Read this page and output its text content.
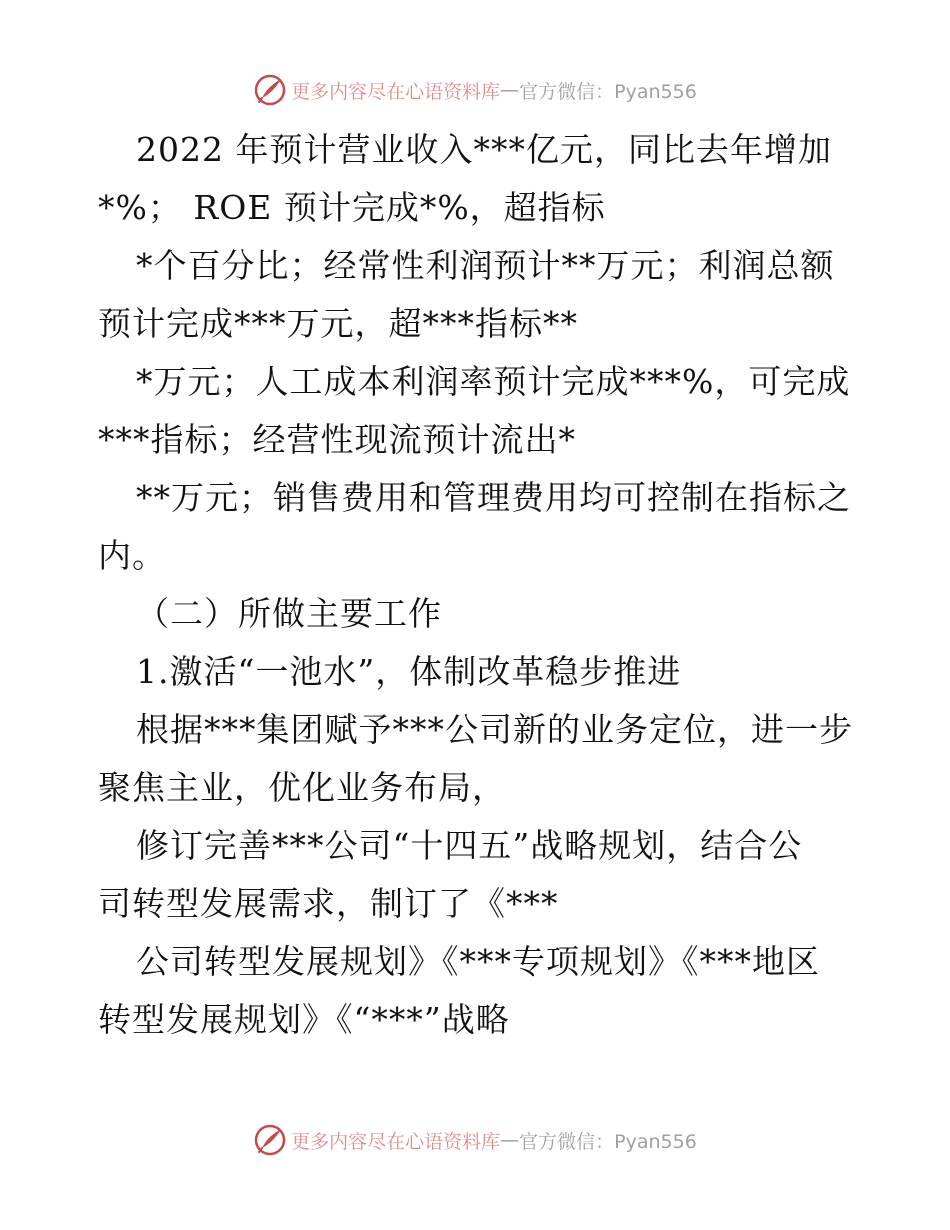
更多内容尽在心语资料库 — 官方微信：Pyan556
2022 年预计营业收入***亿元，同比去年增加
*%； ROE 预计完成*%，超指标
*个百分比；经常性利润预计**万元；利润总额
预计完成***万元，超***指标**
*万元；人工成本利润率预计完成***%，可完成
***指标；经营性现流预计流出*
**万元；销售费用和管理费用均可控制在指标之
内。
（二）所做主要工作
1.激活“一池水”，体制改革稳步推进
根据***集团赋予***公司新的业务定位，进一步
聚焦主业，优化业务布局，
修订完善***公司“十四五”战略规划，结合公
司转型发展需求，制订了《***
公司转型发展规划》《***专项规划》《***地区
转型发展规划》《“***”战略
更多内容尽在心语资料库 — 官方微信：Pyan556
